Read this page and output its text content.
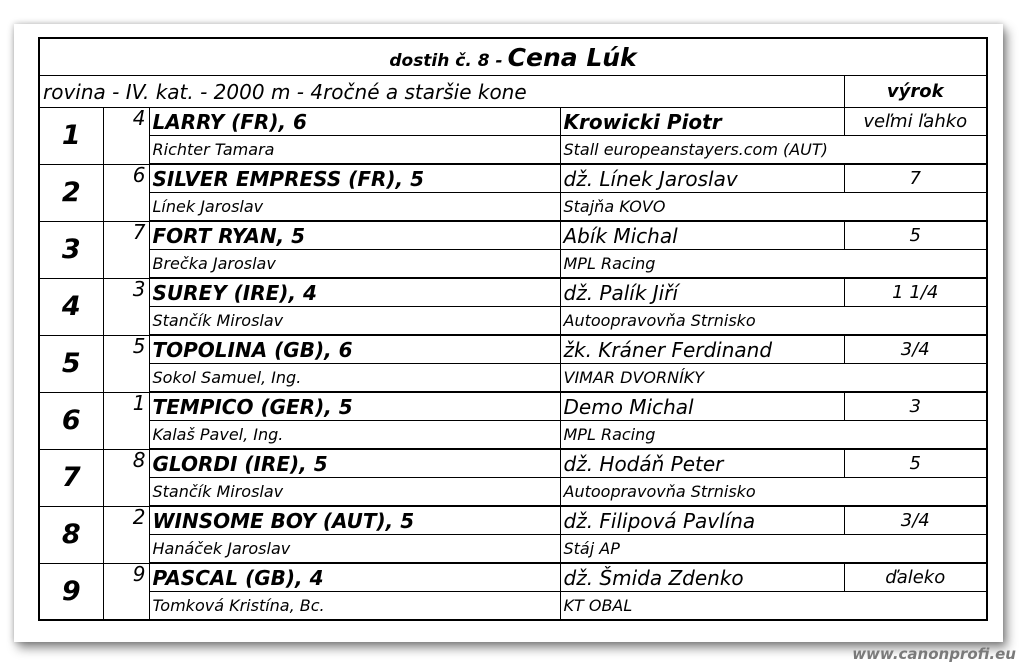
dostih č. 8 - Cena Lúk				
rovina - IV. kat. - 2000 m - 4ročné a staršie kone				výrok
1	4	LARRY (FR), 6	Krowicki Piotr	veľmi ľahko
		Richter Tamara	Stall europeanstayers.com (AUT)	
2	6	SILVER EMPRESS (FR), 5	dž. Línek Jaroslav	7
		Línek Jaroslav	Stajňa KOVO	
3	7	FORT RYAN, 5	Abík Michal	5
		Brečka Jaroslav	MPL Racing	
4	3	SUREY (IRE), 4	dž. Palík Jiří	1 1/4
		Stančík Miroslav	Autoopravovňa Strnisko	
5	5	TOPOLINA (GB), 6	žk. Kráner Ferdinand	3/4
		Sokol Samuel, Ing.	VIMAR DVORNÍKY	
6	1	TEMPICO (GER), 5	Demo Michal	3
		Kalaš Pavel, Ing.	MPL Racing	
7	8	GLORDI (IRE), 5	dž. Hodáň Peter	5
		Stančík Miroslav	Autoopravovňa Strnisko	
8	2	WINSOME BOY (AUT), 5	dž. Filipová Pavlína	3/4
		Hanáček Jaroslav	Stáj AP	
9	9	PASCAL (GB), 4	dž. Šmida Zdenko	ďaleko
		Tomková Kristína, Bc.	KT OBAL	
www.canonprofi.eu
